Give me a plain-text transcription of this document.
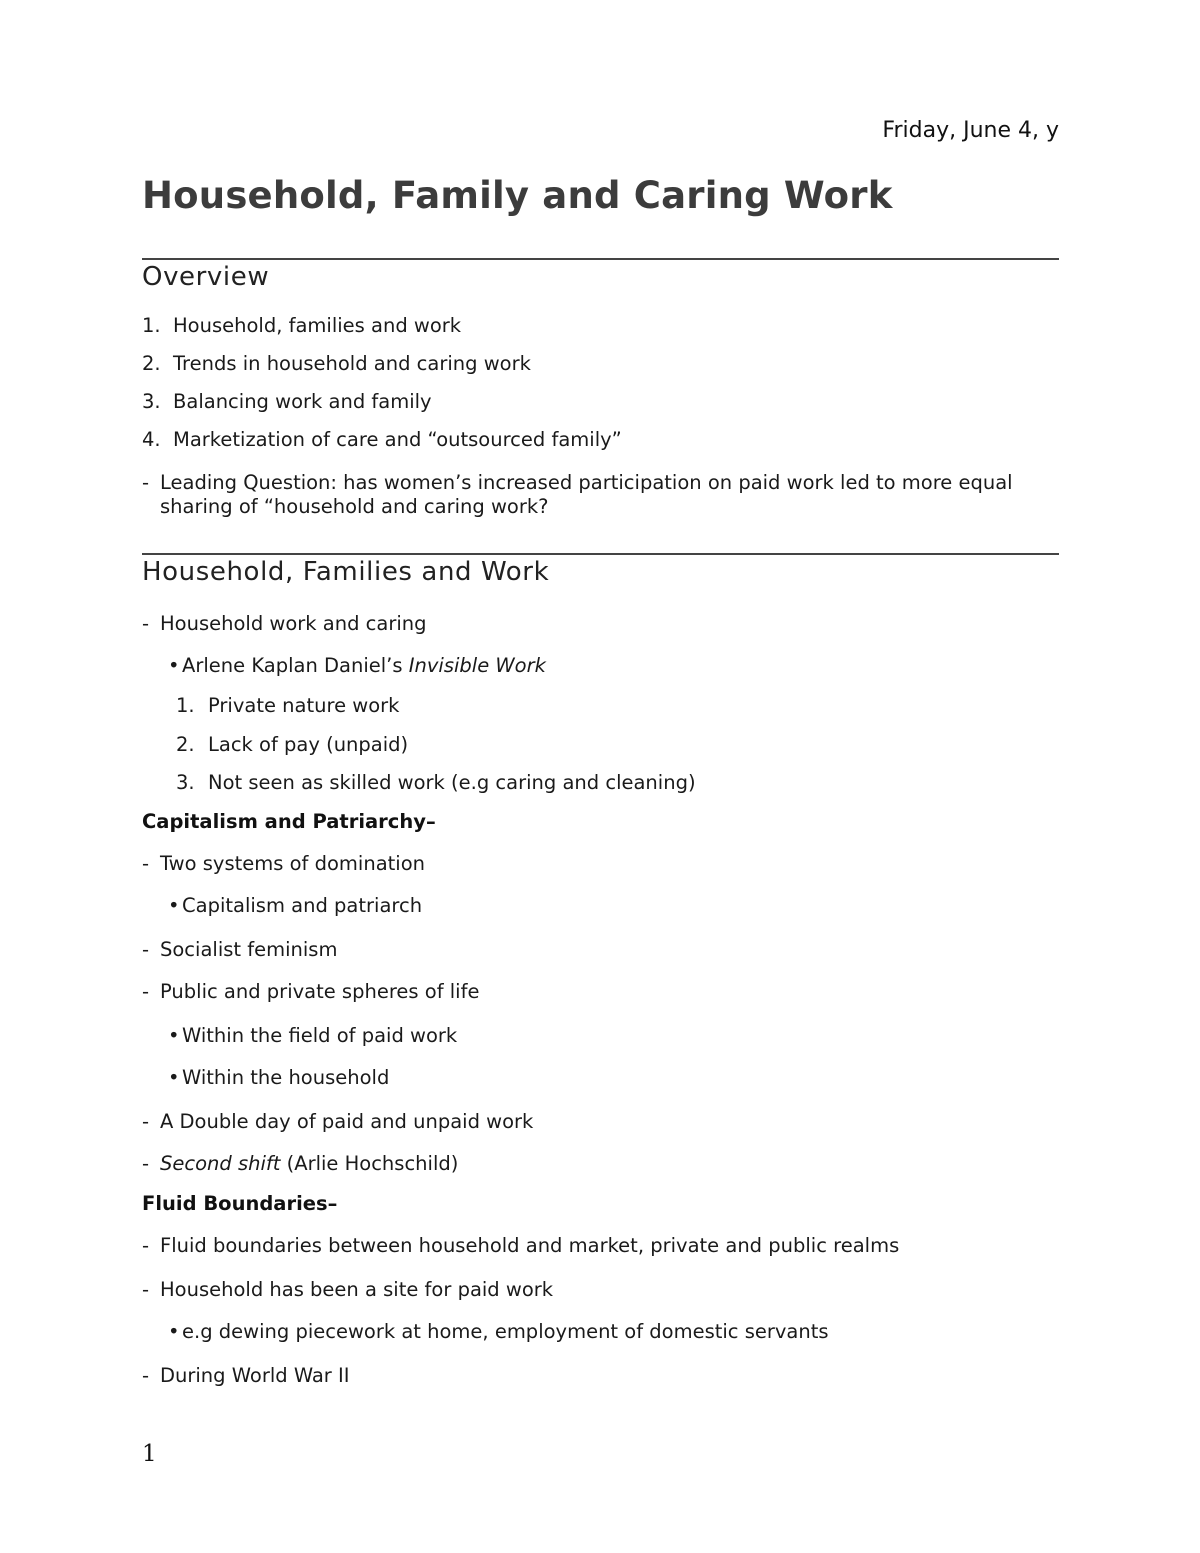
Friday, June 4, y
Household, Family and Caring Work
Overview
1. Household, families and work
2. Trends in household and caring work
3. Balancing work and family
4. Marketization of care and “outsourced family”
- Leading Question: has women’s increased participation on paid work led to more equal sharing of “household and caring work?
Household, Families and Work
- Household work and caring
• Arlene Kaplan Daniel’s Invisible Work
1. Private nature work
2. Lack of pay (unpaid)
3. Not seen as skilled work (e.g caring and cleaning)
Capitalism and Patriarchy–
- Two systems of domination
• Capitalism and patriarch
- Socialist feminism
- Public and private spheres of life
• Within the field of paid work
• Within the household
- A Double day of paid and unpaid work
- Second shift (Arlie Hochschild)
Fluid Boundaries–
- Fluid boundaries between household and market, private and public realms
- Household has been a site for paid work
• e.g dewing piecework at home, employment of domestic servants
- During World War II
1
